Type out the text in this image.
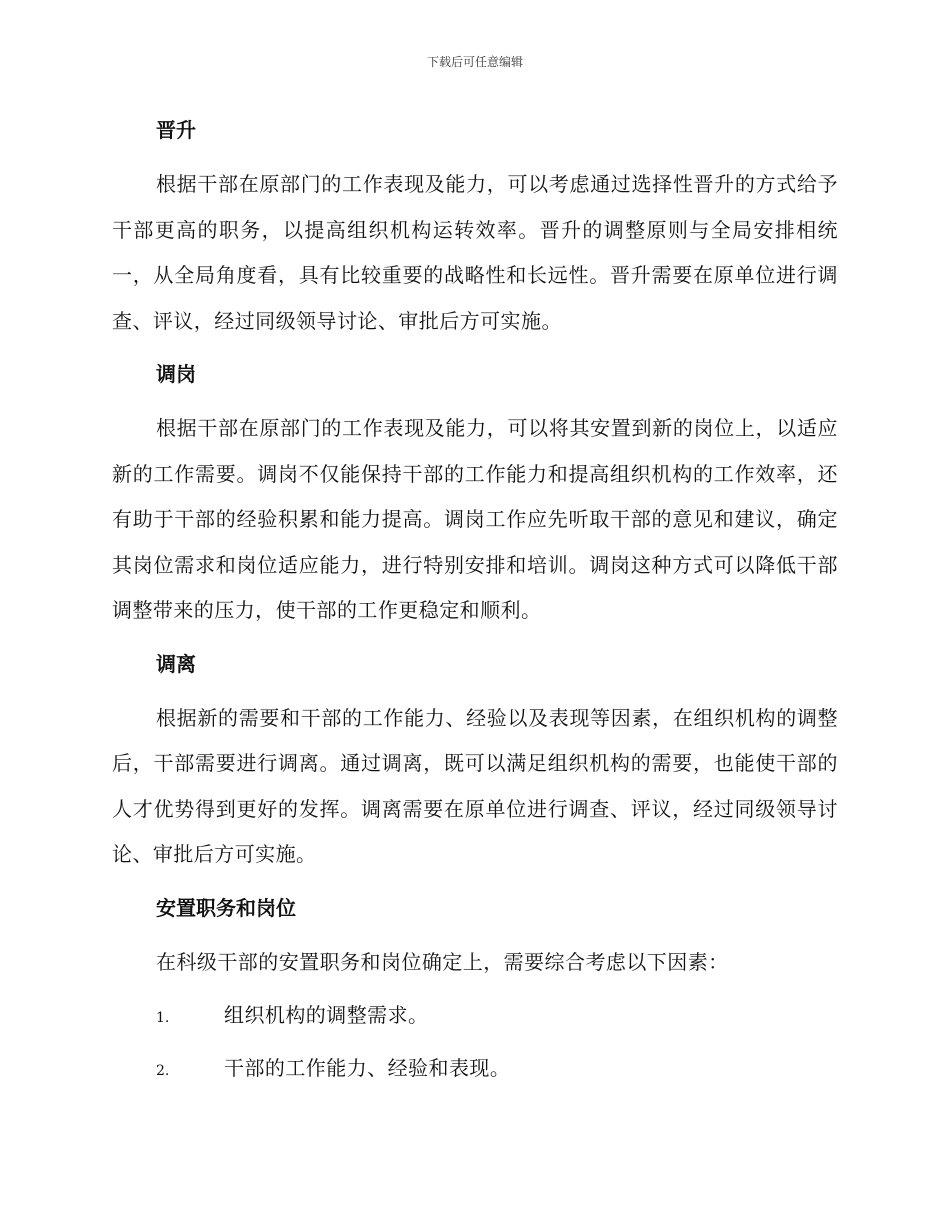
下载后可任意编辑
晋升

根据干部在原部门的工作表现及能力，可以考虑通过选择性晋升的方式给予干部更高的职务，以提高组织机构运转效率。晋升的调整原则与全局安排相统一，从全局角度看，具有比较重要的战略性和长远性。晋升需要在原单位进行调查、评议，经过同级领导讨论、审批后方可实施。

调岗

根据干部在原部门的工作表现及能力，可以将其安置到新的岗位上，以适应新的工作需要。调岗不仅能保持干部的工作能力和提高组织机构的工作效率，还有助于干部的经验积累和能力提高。调岗工作应先听取干部的意见和建议，确定其岗位需求和岗位适应能力，进行特别安排和培训。调岗这种方式可以降低干部调整带来的压力，使干部的工作更稳定和顺利。

调离

根据新的需要和干部的工作能力、经验以及表现等因素，在组织机构的调整后，干部需要进行调离。通过调离，既可以满足组织机构的需要，也能使干部的人才优势得到更好的发挥。调离需要在原单位进行调查、评议，经过同级领导讨论、审批后方可实施。

安置职务和岗位

在科级干部的安置职务和岗位确定上，需要综合考虑以下因素：

1.	组织机构的调整需求。
2.	干部的工作能力、经验和表现。
